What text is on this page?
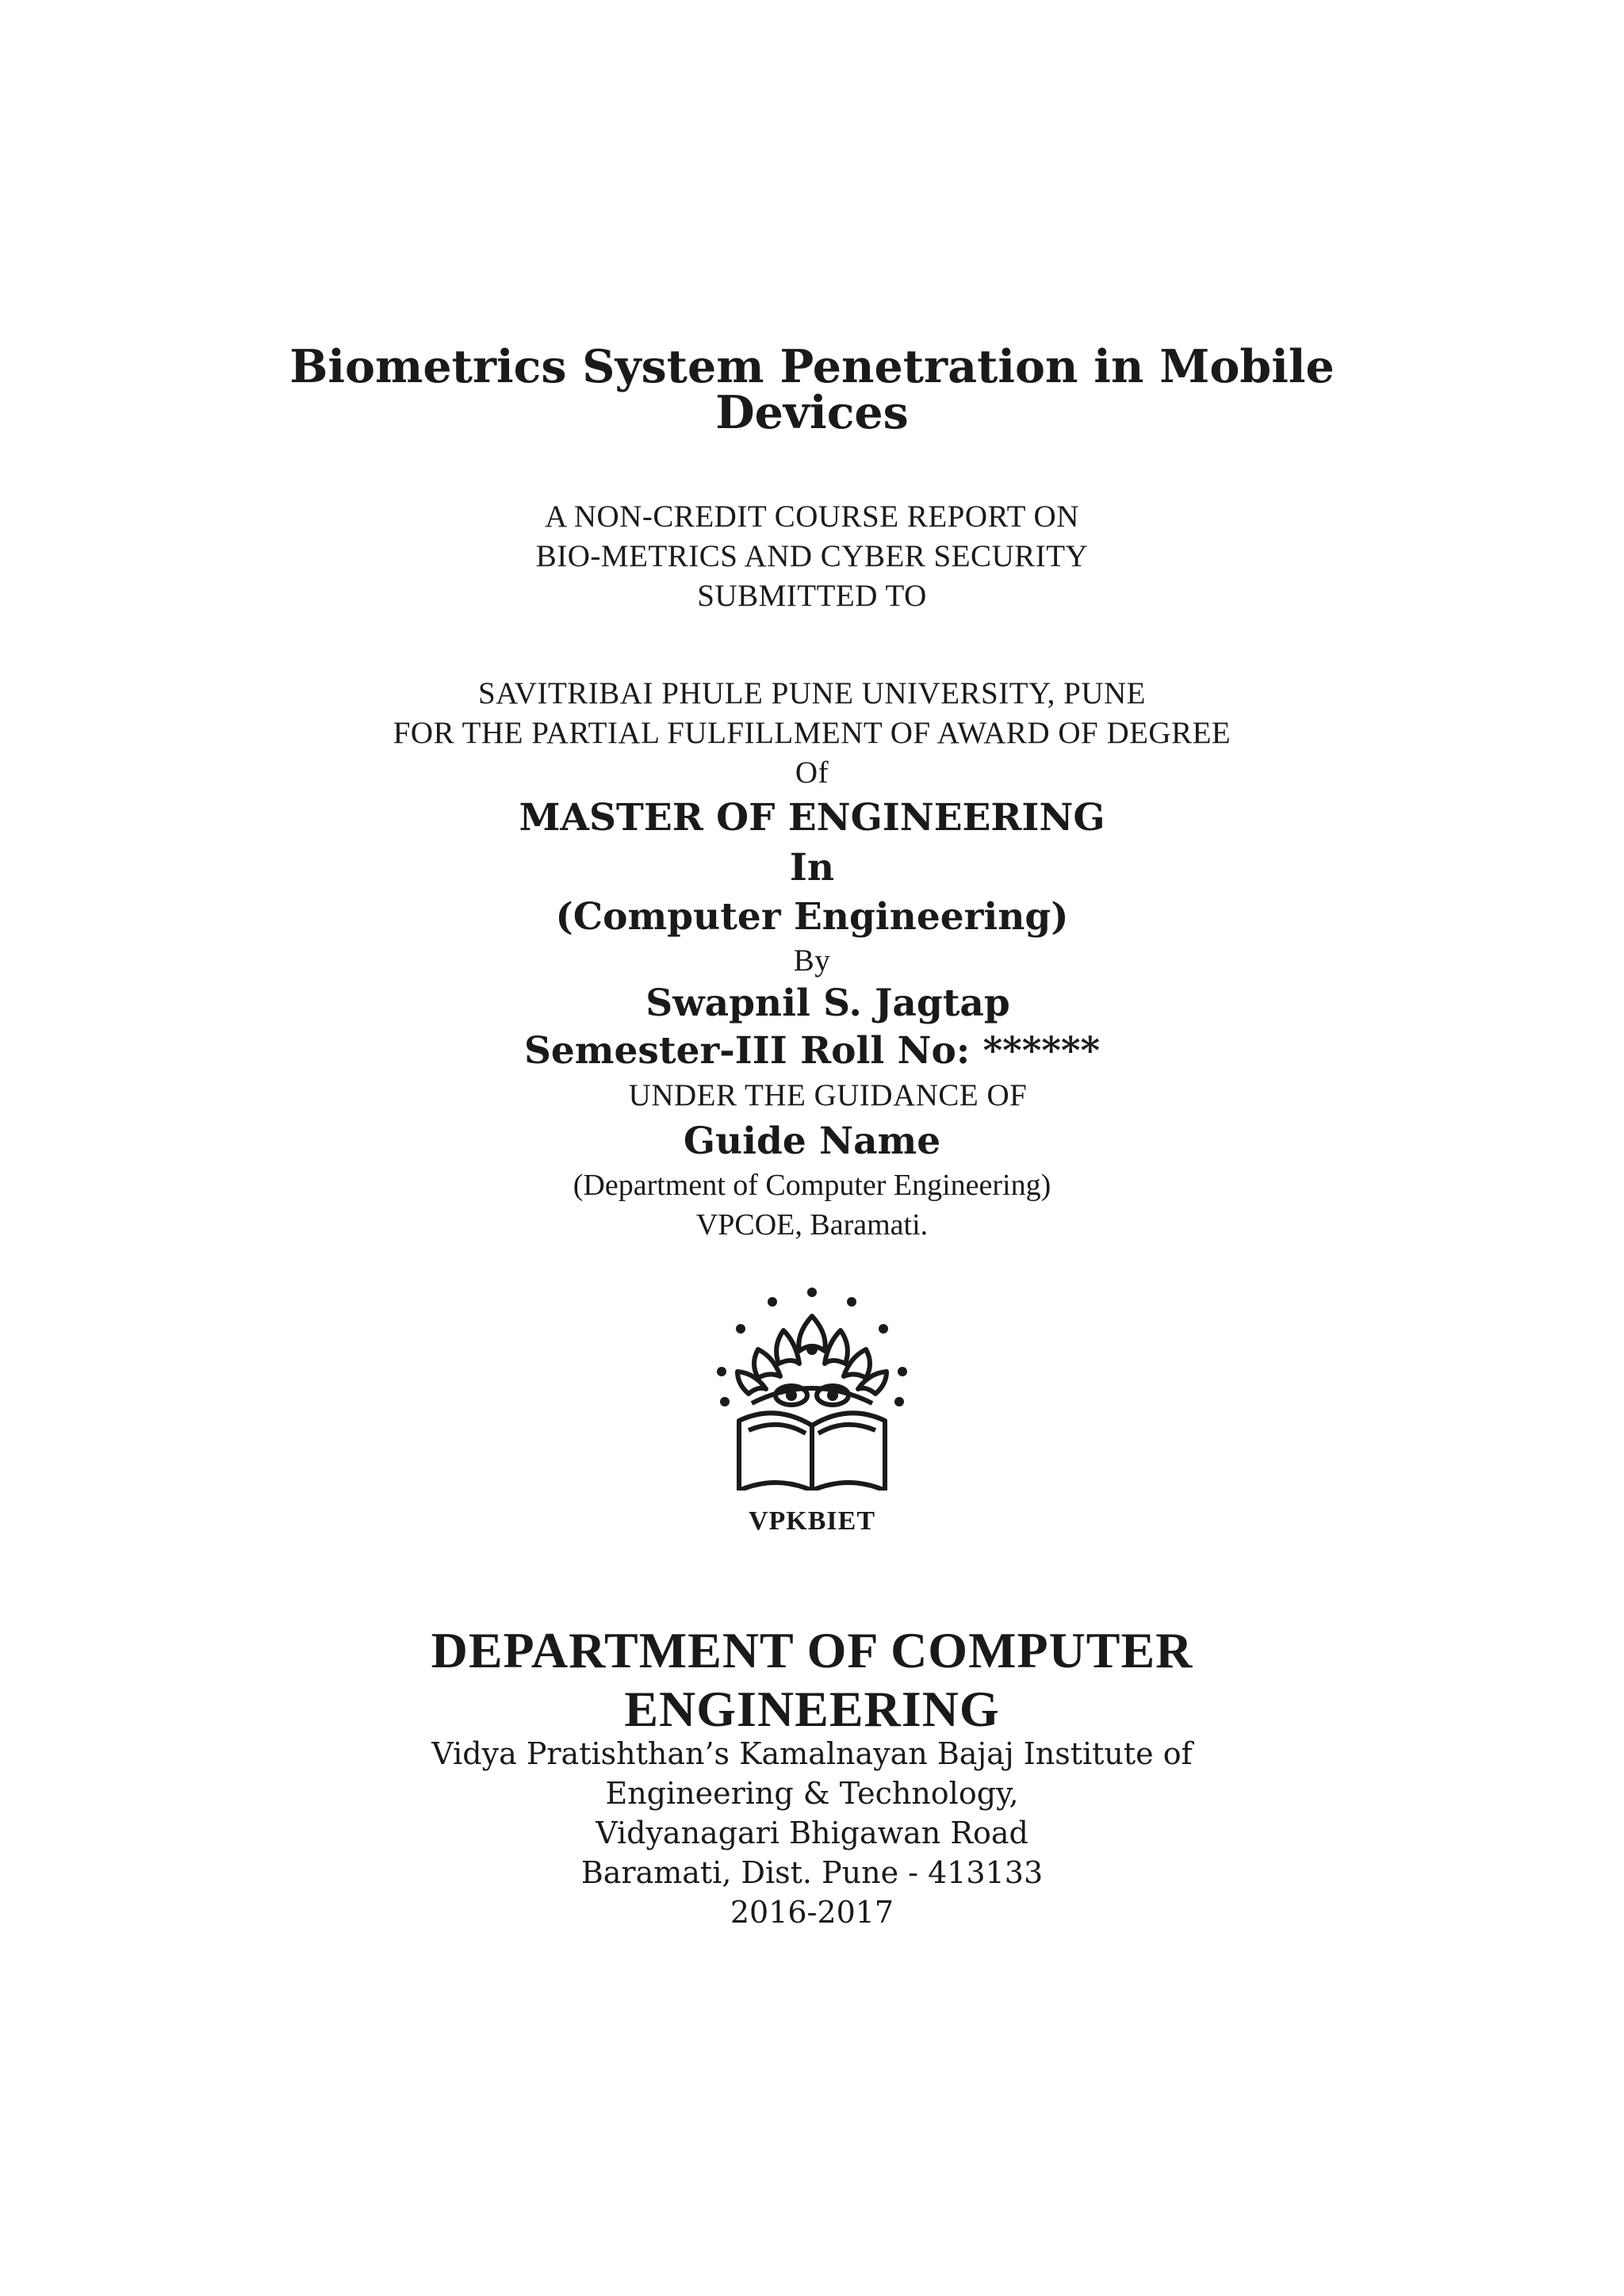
Biometrics System Penetration in Mobile
Devices
A NON-CREDIT COURSE REPORT ON
BIO-METRICS AND CYBER SECURITY
SUBMITTED TO
SAVITRIBAI PHULE PUNE UNIVERSITY, PUNE
FOR THE PARTIAL FULFILLMENT OF AWARD OF DEGREE
Of
MASTER OF ENGINEERING
In
(Computer Engineering)
By
Swapnil S. Jagtap
Semester-III Roll No: ******
UNDER THE GUIDANCE OF
Guide Name
(Department of Computer Engineering)
VPCOE, Baramati.
VPKBIET
DEPARTMENT OF COMPUTER
ENGINEERING
Vidya Pratishthan’s Kamalnayan Bajaj Institute of
Engineering & Technology,
Vidyanagari Bhigawan Road
Baramati, Dist. Pune - 413133
2016-2017
